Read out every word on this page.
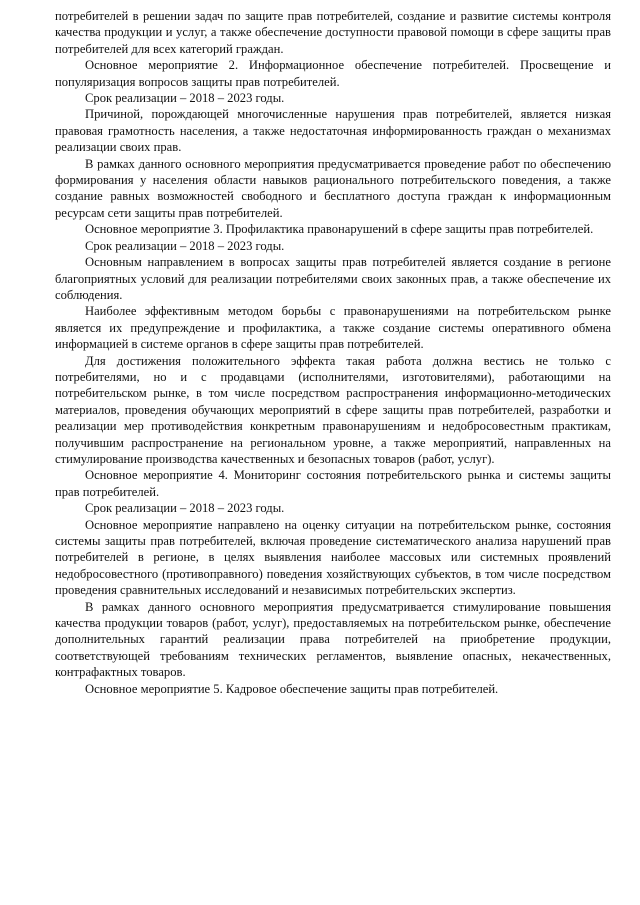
потребителей в решении задач по защите прав потребителей, создание и развитие системы контроля качества продукции и услуг, а также обеспечение доступности правовой помощи в сфере защиты прав потребителей для всех категорий граждан.

Основное мероприятие 2. Информационное обеспечение потребителей. Просвещение и популяризация вопросов защиты прав потребителей.

Срок реализации – 2018 – 2023 годы.

Причиной, порождающей многочисленные нарушения прав потребителей, является низкая правовая грамотность населения, а также недостаточная информированность граждан о механизмах реализации своих прав.

В рамках данного основного мероприятия предусматривается проведение работ по обеспечению формирования у населения области навыков рационального потребительского поведения, а также создание равных возможностей свободного и бесплатного доступа граждан к информационным ресурсам сети защиты прав потребителей.

Основное мероприятие 3. Профилактика правонарушений в сфере защиты прав потребителей.

Срок реализации – 2018 – 2023 годы.

Основным направлением в вопросах защиты прав потребителей является создание в регионе благоприятных условий для реализации потребителями своих законных прав, а также обеспечение их соблюдения.

Наиболее эффективным методом борьбы с правонарушениями на потребительском рынке является их предупреждение и профилактика, а также создание системы оперативного обмена информацией в системе органов в сфере защиты прав потребителей.

Для достижения положительного эффекта такая работа должна вестись не только с потребителями, но и с продавцами (исполнителями, изготовителями), работающими на потребительском рынке, в том числе посредством распространения информационно-методических материалов, проведения обучающих мероприятий в сфере защиты прав потребителей, разработки и реализации мер противодействия конкретным правонарушениям и недобросовестным практикам, получившим распространение на региональном уровне, а также мероприятий, направленных на стимулирование производства качественных и безопасных товаров (работ, услуг).

Основное мероприятие 4. Мониторинг состояния потребительского рынка и системы защиты прав потребителей.

Срок реализации – 2018 – 2023 годы.

Основное мероприятие направлено на оценку ситуации на потребительском рынке, состояния системы защиты прав потребителей, включая проведение систематического анализа нарушений прав потребителей в регионе, в целях выявления наиболее массовых или системных проявлений недобросовестного (противоправного) поведения хозяйствующих субъектов, в том числе посредством проведения сравнительных исследований и независимых потребительских экспертиз.

В рамках данного основного мероприятия предусматривается стимулирование повышения качества продукции товаров (работ, услуг), предоставляемых на потребительском рынке, обеспечение дополнительных гарантий реализации права потребителей на приобретение продукции, соответствующей требованиям технических регламентов, выявление опасных, некачественных, контрафактных товаров.

Основное мероприятие 5. Кадровое обеспечение защиты прав потребителей.
